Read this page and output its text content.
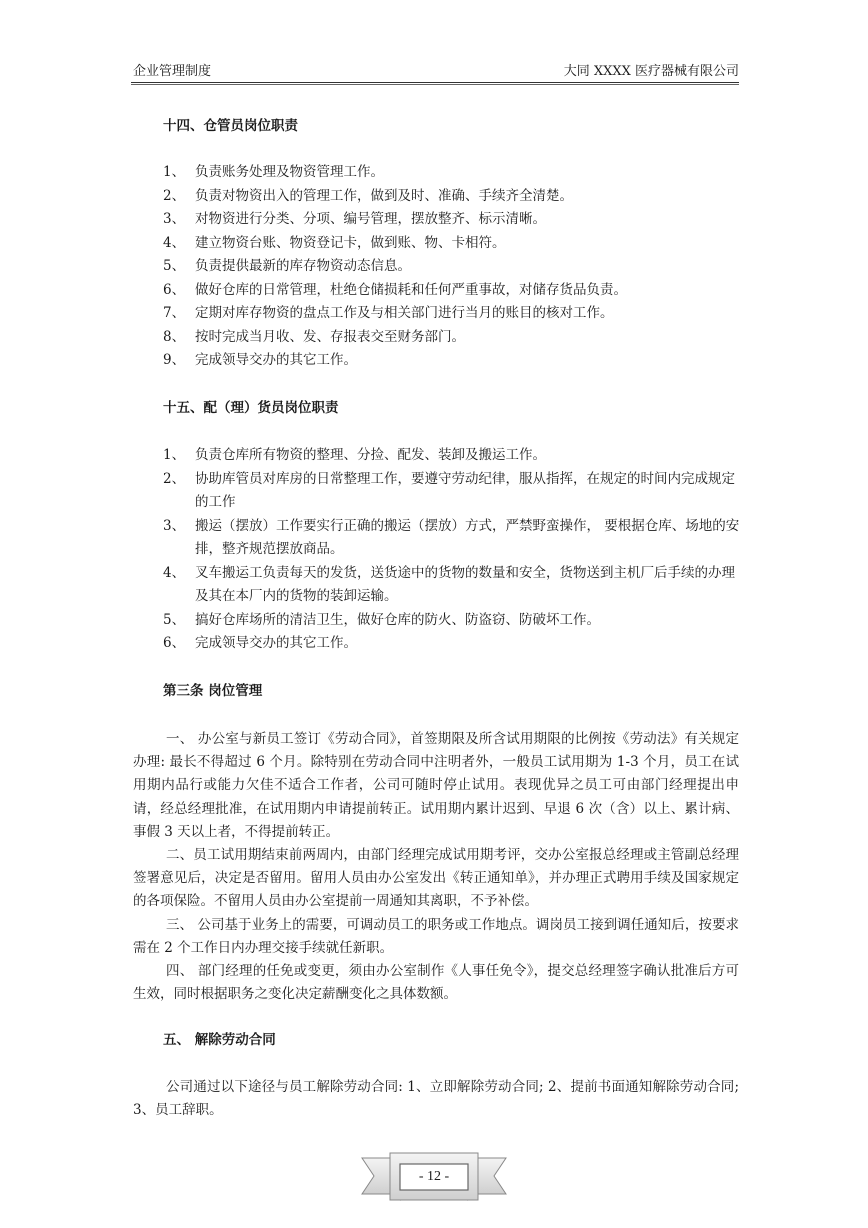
企业管理制度	大同 XXXX 医疗器械有限公司
十四、仓管员岗位职责
1、 负责账务处理及物资管理工作。
2、 负责对物资出入的管理工作，做到及时、准确、手续齐全清楚。
3、 对物资进行分类、分项、编号管理，摆放整齐、标示清晰。
4、 建立物资台账、物资登记卡，做到账、物、卡相符。
5、 负责提供最新的库存物资动态信息。
6、 做好仓库的日常管理，杜绝仓储损耗和任何严重事故，对储存货品负责。
7、 定期对库存物资的盘点工作及与相关部门进行当月的账目的核对工作。
8、 按时完成当月收、发、存报表交至财务部门。
9、 完成领导交办的其它工作。
十五、配（理）货员岗位职责
1、 负责仓库所有物资的整理、分捡、配发、装卸及搬运工作。
2、 协助库管员对库房的日常整理工作，要遵守劳动纪律，服从指挥，在规定的时间内完成规定的工作
3、 搬运（摆放）工作要实行正确的搬运（摆放）方式，严禁野蛮操作， 要根据仓库、场地的安排，整齐规范摆放商品。
4、 叉车搬运工负责每天的发货，送货途中的货物的数量和安全，货物送到主机厂后手续的办理及其在本厂内的货物的装卸运输。
5、 搞好仓库场所的清洁卫生，做好仓库的防火、防盗窃、防破坏工作。
6、 完成领导交办的其它工作。
第三条 岗位管理

一、 办公室与新员工签订《劳动合同》，首签期限及所含试用期限的比例按《劳动法》有关规定办理: 最长不得超过 6 个月。除特别在劳动合同中注明者外，一般员工试用期为 1-3 个月，员工在试用期内品行或能力欠佳不适合工作者，公司可随时停止试用。表现优异之员工可由部门经理提出申请，经总经理批准，在试用期内申请提前转正。试用期内累计迟到、早退 6 次（含）以上、累计病、事假 3 天以上者，不得提前转正。

二、员工试用期结束前两周内，由部门经理完成试用期考评，交办公室报总经理或主管副总经理签署意见后，决定是否留用。留用人员由办公室发出《转正通知单》，并办理正式聘用手续及国家规定的各项保险。不留用人员由办公室提前一周通知其离职，不予补偿。

三、 公司基于业务上的需要，可调动员工的职务或工作地点。调岗员工接到调任通知后，按要求需在 2 个工作日内办理交接手续就任新职。

四、 部门经理的任免或变更，须由办公室制作《人事任免令》，提交总经理签字确认批准后方可生效，同时根据职务之变化决定薪酬变化之具体数额。

五、 解除劳动合同

公司通过以下途径与员工解除劳动合同: 1、立即解除劳动合同; 2、提前书面通知解除劳动合同; 3、员工辞职。

- 12 -
